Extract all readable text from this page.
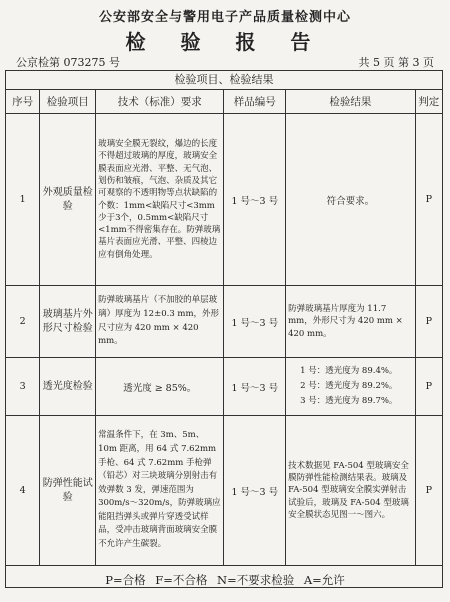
公安部安全与警用电子产品质量检测中心
检 验 报 告
公京检第 073275 号	共 5 页 第 3 页
检验项目、检验结果
序号	检验项目	技术（标准）要求	样品编号	检验结果	判定
1	外观质量检验	玻璃安全膜无裂纹，爆边的长度不得超过玻璃的厚度，玻璃安全膜表面应光滑、平整、无气泡、划伤和皱痕，气泡、杂质及其它可观察的不透明物等点状缺陷的个数：1mm<缺陷尺寸<3mm少于3个，0.5mm<缺陷尺寸<1mm不得密集存在。防弹玻璃基片表面应光滑、平整、四棱边应有倒角处理。	1 号～3 号	符合要求。	P
2	玻璃基片外形尺寸检验	防弹玻璃基片（不加胶的单层玻璃）厚度为 12±0.3 mm，外形尺寸应为 420 mm × 420 mm。	1 号～3 号	防弹玻璃基片厚度为 11.7 mm，外形尺寸为 420 mm × 420 mm。	P
3	透光度检验	透光度 ≥ 85%。	1 号～3 号	1 号：透光度为 89.4%。
2 号：透光度为 89.2%。
3 号：透光度为 89.7%。	P
4	防弹性能试验	常温条件下，在 3m、5m、10m 距离，用 64 式 7.62mm 手枪、64 式 7.62mm 手枪弹（铅芯）对三块玻璃分别射击有效弹数 3 发，弹速范围为 300m/s～320m/s，防弹玻璃应能阻挡弹头或弹片穿透受试样品，受冲击玻璃背面玻璃安全膜不允许产生碳裂。	1 号～3 号	技术数据见 FA-504 型玻璃安全膜防弹性能检测结果表。玻璃及 FA-504 型玻璃安全膜实弹射击试验后，玻璃及 FA-504 型玻璃安全膜状态见图一～图六。	P
P=合格 F=不合格 N=不要求检验 A=允许
